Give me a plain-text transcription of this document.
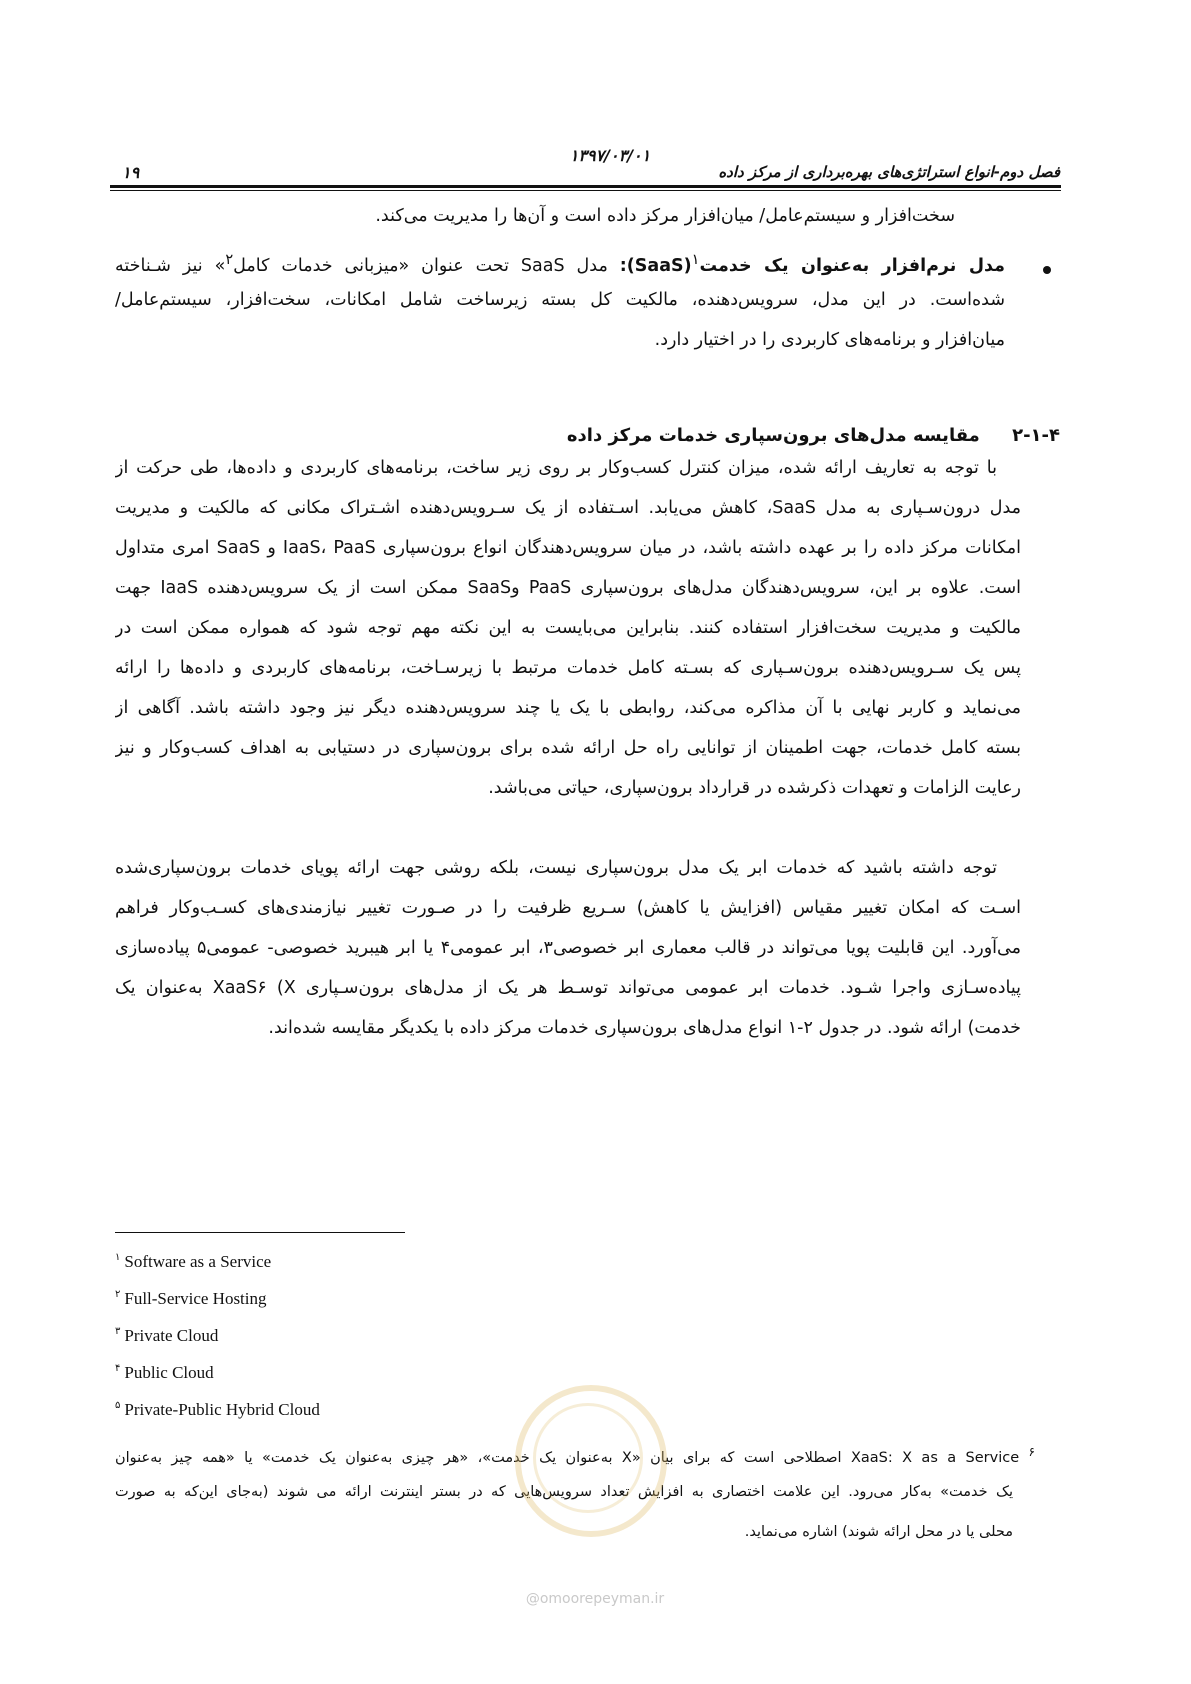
۱۳۹۷/۰۳/۰۱
فصل دوم-انواع استراتژی‌های بهره‌برداری از مرکز داده
۱۹
سخت‌افزار و سیستم‌عامل/ میان‌افزار مرکز داده است و آن‌ها را مدیریت می‌کند.
مدل نرم‌افزار به‌عنوان یک خدمت$^۱$(SaaS): مدل SaaS تحت عنوان «میزبانی خدمات کامل$^۲$» نیز شـناخته
شده‌است. در این مدل، سرویس‌دهنده، مالکیت کل بسته زیرساخت شامل امکانات، سخت‌افزار، سیستم‌عامل/
میان‌افزار و برنامه‌های کاربردی را در اختیار دارد.
۲-۱-۴ مقایسه مدل‌های برون‌سپاری خدمات مرکز داده
با توجه به تعاریف ارائه شده، میزان کنترل کسب‌وکار بر روی زیر ساخت، برنامه‌های کاربردی و داده‌ها، طی حرکت از
مدل درون‌سـپاری به مدل SaaS، کاهش می‌یابد. اسـتفاده از یک سـرویس‌دهنده اشـتراک مکانی که مالکیت و مدیریت
امکانات مرکز داده را بر عهده داشته باشد، در میان سرویس‌دهندگان انواع برون‌سپاری IaaS، PaaS و SaaS امری متداول
است. علاوه بر این، سرویس‌دهندگان مدل‌های برون‌سپاری PaaS وSaaS ممکن است از یک سرویس‌دهنده IaaS جهت
مالکیت و مدیریت سخت‌افزار استفاده کنند. بنابراین می‌بایست به این نکته مهم توجه شود که همواره ممکن است در
پس یک سـرویس‌دهنده برون‌سـپاری که بسـته کامل خدمات مرتبط با زیرسـاخت، برنامه‌های کاربردی و داده‌ها را ارائه
می‌نماید و کاربر نهایی با آن مذاکره می‌کند، روابطی با یک یا چند سرویس‌دهنده دیگر نیز وجود داشته باشد. آگاهی از
بسته کامل خدمات، جهت اطمینان از توانایی راه حل ارائه شده برای برون‌سپاری در دستیابی به اهداف کسب‌وکار و نیز
رعایت الزامات و تعهدات ذکرشده در قرارداد برون‌سپاری، حیاتی می‌باشد.
توجه داشته باشید که خدمات ابر یک مدل برون‌سپاری نیست، بلکه روشی جهت ارائه پویای خدمات برون‌سپاری‌شده
اسـت که امکان تغییر مقیاس (افزایش یا کاهش) سـریع ظرفیت را در صـورت تغییر نیازمندی‌های کسـب‌وکار فراهم
می‌آورد. این قابلیت پویا می‌تواند در قالب معماری ابر خصوصی۳، ابر عمومی۴ یا ابر هیبرید خصوصی- عمومی۵ پیاده‌سازی
پیاده‌سـازی واجرا شـود. خدمات ابر عمومی می‌تواند توسـط هر یک از مدل‌های برون‌سـپاری XaaS۶ (X به‌عنوان یک
خدمت) ارائه شود. در جدول ۲-۱ انواع مدل‌های برون‌سپاری خدمات مرکز داده با یکدیگر مقایسه شده‌اند.
$^۱$ Software as a Service
$^۲$ Full-Service Hosting
$^۳$ Private Cloud
$^۴$ Public Cloud
$^۵$ Private-Public Hybrid Cloud
$^۶$ XaaS: X as a Service اصطلاحی است که برای بیان «X به‌عنوان یک خدمت»، «هر چیزی به‌عنوان یک خدمت» یا «همه چیز به‌عنوان
یک خدمت» به‌کار می‌رود. این علامت اختصاری به افزایش تعداد سرویس‌هایی که در بستر اینترنت ارائه می شوند (به‌جای این‌که به صورت
محلی یا در محل ارائه شوند) اشاره می‌نماید.
@omoorepeyman.ir
